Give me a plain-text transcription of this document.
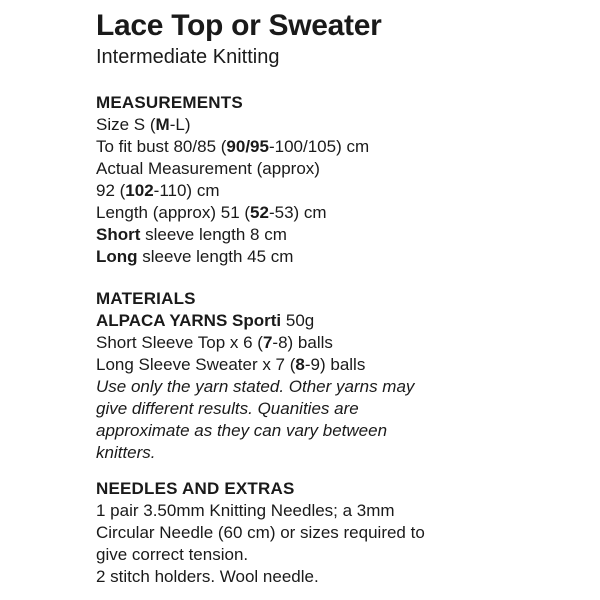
Lace Top or Sweater

Intermediate Knitting

MEASUREMENTS

Size S (M-L)

To fit bust 80/85 (90/95-100/105) cm

Actual Measurement (approx)

92 (102-110) cm

Length (approx) 51 (52-53) cm

Short sleeve length 8 cm

Long sleeve length 45 cm

MATERIALS

ALPACA YARNS Sporti 50g

Short Sleeve Top x 6 (7-8) balls

Long Sleeve Sweater x 7 (8-9) balls

Use only the yarn stated. Other yarns may

give different results. Quanities are

approximate as they can vary between

knitters.

NEEDLES AND EXTRAS

1 pair 3.50mm Knitting Needles; a 3mm

Circular Needle (60 cm) or sizes required to

give correct tension.

2 stitch holders. Wool needle.
